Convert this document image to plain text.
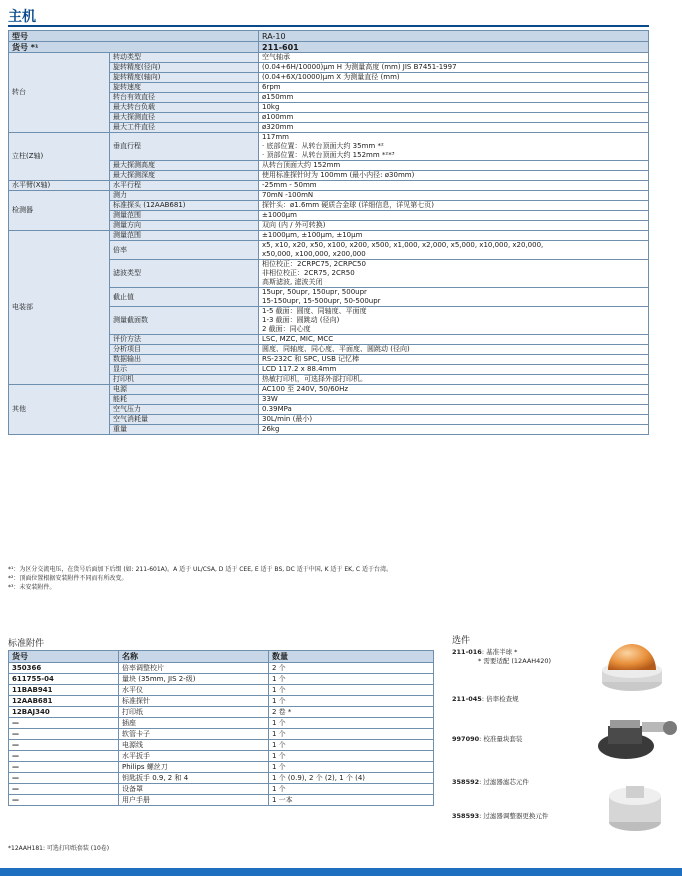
主机
型号		RA-10
货号 *¹		211-601
转台	转动类型	空气轴承
	旋转精度(径向)	(0.04+6H/10000)μm H 为测量高度 (mm) JIS B7451-1997
	旋转精度(轴向)	(0.04+6X/10000)μm X 为测量直径 (mm)
	旋转速度	6rpm
	转台有效直径	ø150mm
	最大转台负载	10kg
	最大探测直径	ø100mm
	最大工件直径	ø320mm
立柱(Z轴)	垂直行程	117mm
· 底部位置：从转台顶面大约 35mm *²
· 顶部位置：从转台顶面大约 152mm *²*³

	最大探测高度	从转台顶面大约 152mm
	最大探测深度	使用标准探针时为 100mm (最小内径: ø30mm)
水平臂(X轴)	水平行程	-25mm - 50mm
检测器	测力	70mN -100mN
	标准探头 (12AAB681)	探针头：ø1.6mm 硬质合金球 (详细信息，详见第七页)
	测量范围	±1000μm
	测量方向	双向 (内 / 外可转换)
电装部	测量范围	±1000μm, ±100μm, ±10μm
	倍率	x5, x10, x20, x50, x100, x200, x500, x1,000, x2,000, x5,000, x10,000, x20,000,
x50,000, x100,000, x200,000

	滤波类型	相位校正：2CRPC75, 2CRPC50
非相位校正：2CR75, 2CR50
高斯滤波, 滤波关闭

	截止值	15upr, 50upr, 150upr, 500upr
15-150upr, 15-500upr, 50-500upr

	测量截面数	1-5 截面：圆度、同轴度、平面度
1-3 截面：圆跳动 (径向)
2 截面：同心度

	评价方法	LSC, MZC, MIC, MCC
	分析项目	圆度、同轴度、同心度、平面度、圆跳动 (径向)
	数据输出	RS-232C 和 SPC, USB 记忆棒
	显示	LCD 117.2 x 88.4mm
	打印机	热敏打印机，可选择外部打印机。
其他	电源	AC100 至 240V, 50/60Hz
	能耗	33W
	空气压力	0.39MPa
	空气消耗量	30L/min (最小)
	重量	26kg
*¹：为区分交流电压，在货号后面加下后缀 (如: 211-601A)。A 适于 UL/CSA, D 适于 CEE, E 适于 BS, DC 适于中国, K 适于 EK, C 适于台湾。
*²：顶面位置根据安装附件不同而有所改变。
*³：未安装附件。
标准附件
货号	名称	数量
350366	倍率调整校片	2 个
611755-04	量块 (35mm, JIS 2-级)	1 个
11BAB941	水平仪	1 个
12AAB681	标准探针	1 个
12BAJ340	打印纸	2 卷 *
—	插座	1 个
—	软管卡子	1 个
—	电源线	1 个
—	水平扳手	1 个
—	Philips 螺丝刀	1 个
—	钥匙扳手 0.9, 2 和 4	1 个 (0.9), 2 个 (2), 1 个 (4)
—	设备罩	1 个
—	用户手册	1 一本
*12AAH181: 可选打印纸套装 (10卷)
选件
211-016: 基准半球 *
* 需要适配 (12AAH420)
211-045: 倍率检查规
997090: 校准量块套装
358592: 过滤器滤芯元件
358593: 过滤器调整器更换元件
